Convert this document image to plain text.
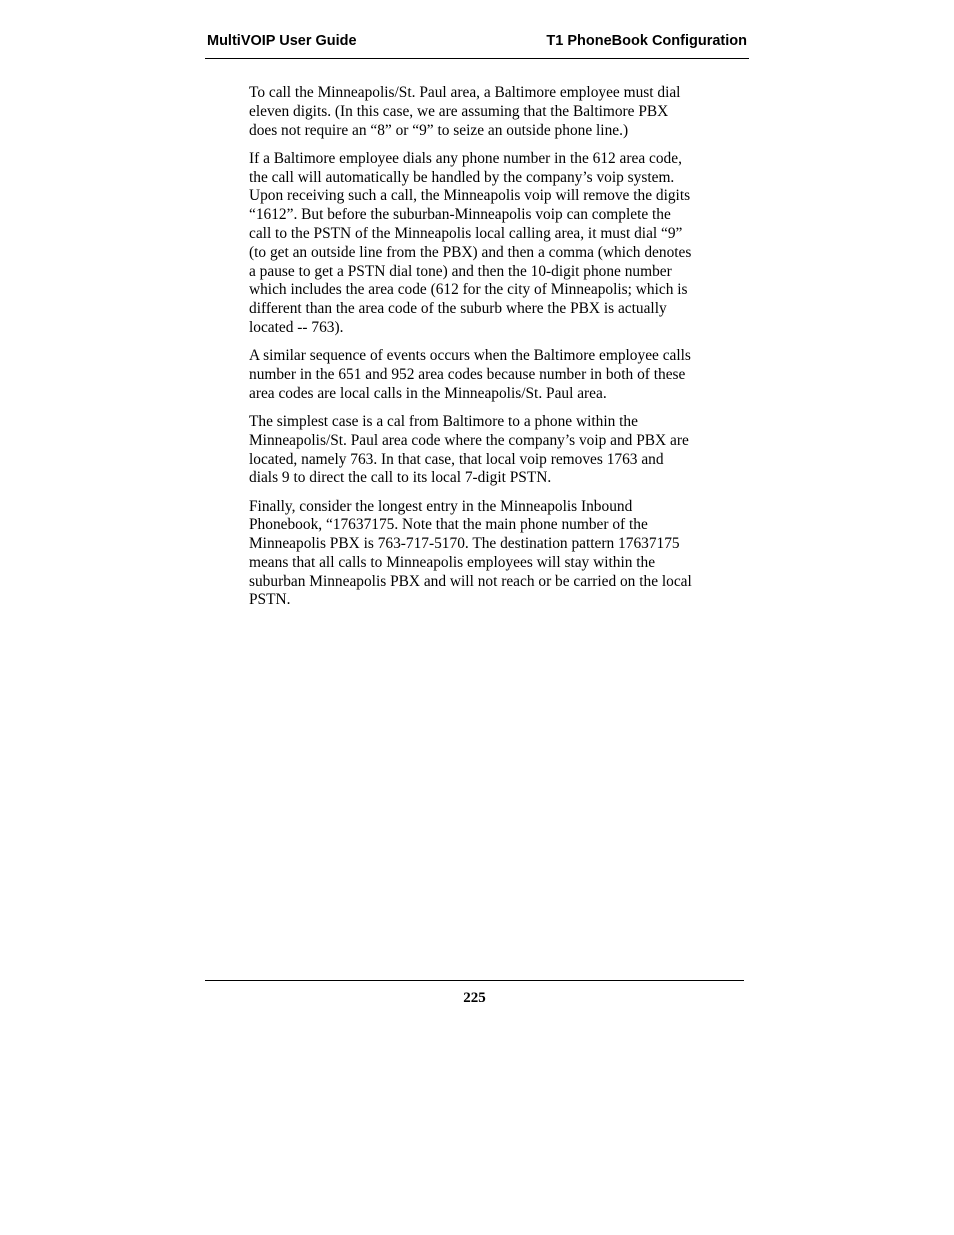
MultiVOIP User Guide	T1 PhoneBook Configuration

To call the Minneapolis/St. Paul area, a Baltimore employee must dial
eleven digits. (In this case, we are assuming that the Baltimore PBX
does not require an “8” or “9” to seize an outside phone line.)

If a Baltimore employee dials any phone number in the 612 area code,
the call will automatically be handled by the company’s voip system.
Upon receiving such a call, the Minneapolis voip will remove the digits
“1612”. But before the suburban-Minneapolis voip can complete the
call to the PSTN of the Minneapolis local calling area, it must dial “9”
(to get an outside line from the PBX) and then a comma (which denotes
a pause to get a PSTN dial tone) and then the 10-digit phone number
which includes the area code (612 for the city of Minneapolis; which is
different than the area code of the suburb where the PBX is actually
located -- 763).

A similar sequence of events occurs when the Baltimore employee calls
number in the 651 and 952 area codes because number in both of these
area codes are local calls in the Minneapolis/St. Paul area.

The simplest case is a cal from Baltimore to a phone within the
Minneapolis/St. Paul area code where the company’s voip and PBX are
located, namely 763. In that case, that local voip removes 1763 and
dials 9 to direct the call to its local 7-digit PSTN.

Finally, consider the longest entry in the Minneapolis Inbound
Phonebook, “17637175. Note that the main phone number of the
Minneapolis PBX is 763-717-5170. The destination pattern 17637175
means that all calls to Minneapolis employees will stay within the
suburban Minneapolis PBX and will not reach or be carried on the local
PSTN.

225
